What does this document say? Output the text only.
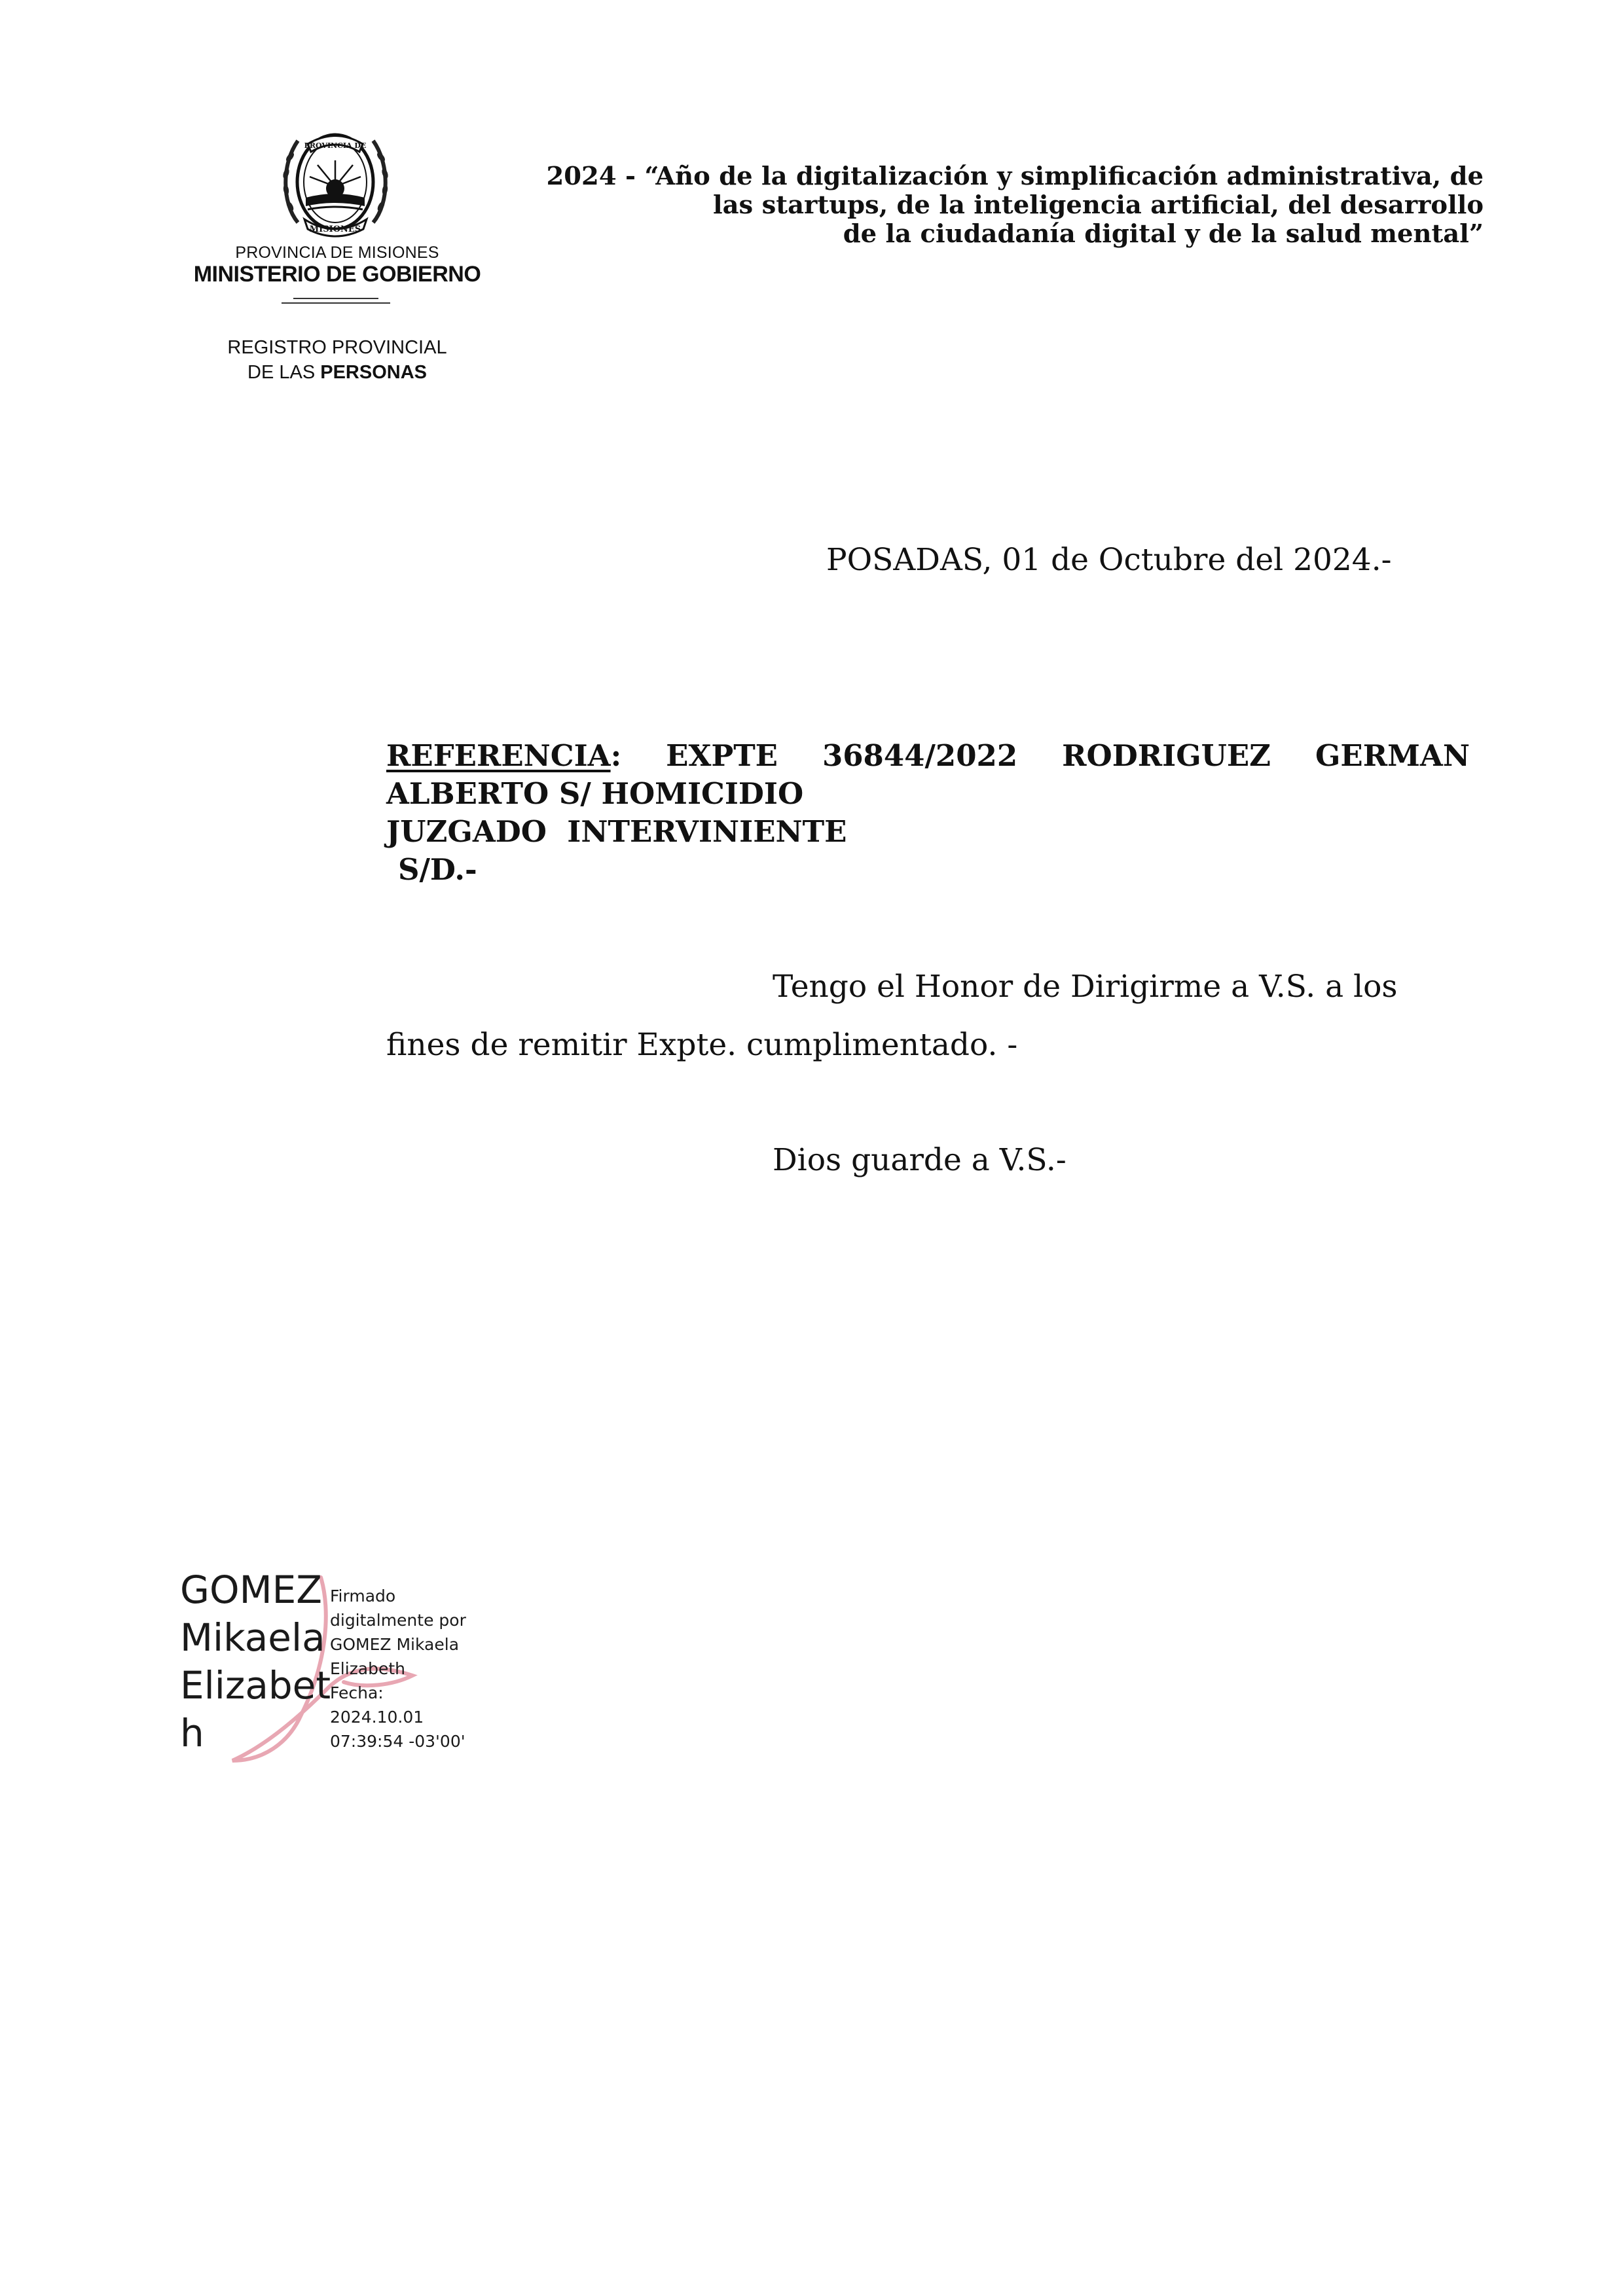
PROVINCIA DE
MISIONES
PROVINCIA DE MISIONES
MINISTERIO DE GOBIERNO
REGISTRO PROVINCIAL
DE LAS PERSONAS
2024 - “Año de la digitalización y simplificación administrativa, de
las startups, de la inteligencia artificial, del desarrollo
de la ciudadanía digital y de la salud mental”
POSADAS, 01 de Octubre del 2024.-
REFERENCIA: EXPTE 36844/2022 RODRIGUEZ GERMAN
ALBERTO S/ HOMICIDIO
JUZGADO  INTERVINIENTE
S/D.-
Tengo el Honor de Dirigirme a V.S. a los
fines de remitir Expte. cumplimentado. -
Dios guarde a V.S.-
GOMEZ
Mikaela
Elizabet
h
Firmado
digitalmente por
GOMEZ Mikaela
Elizabeth
Fecha:
2024.10.01
07:39:54 -03'00'
